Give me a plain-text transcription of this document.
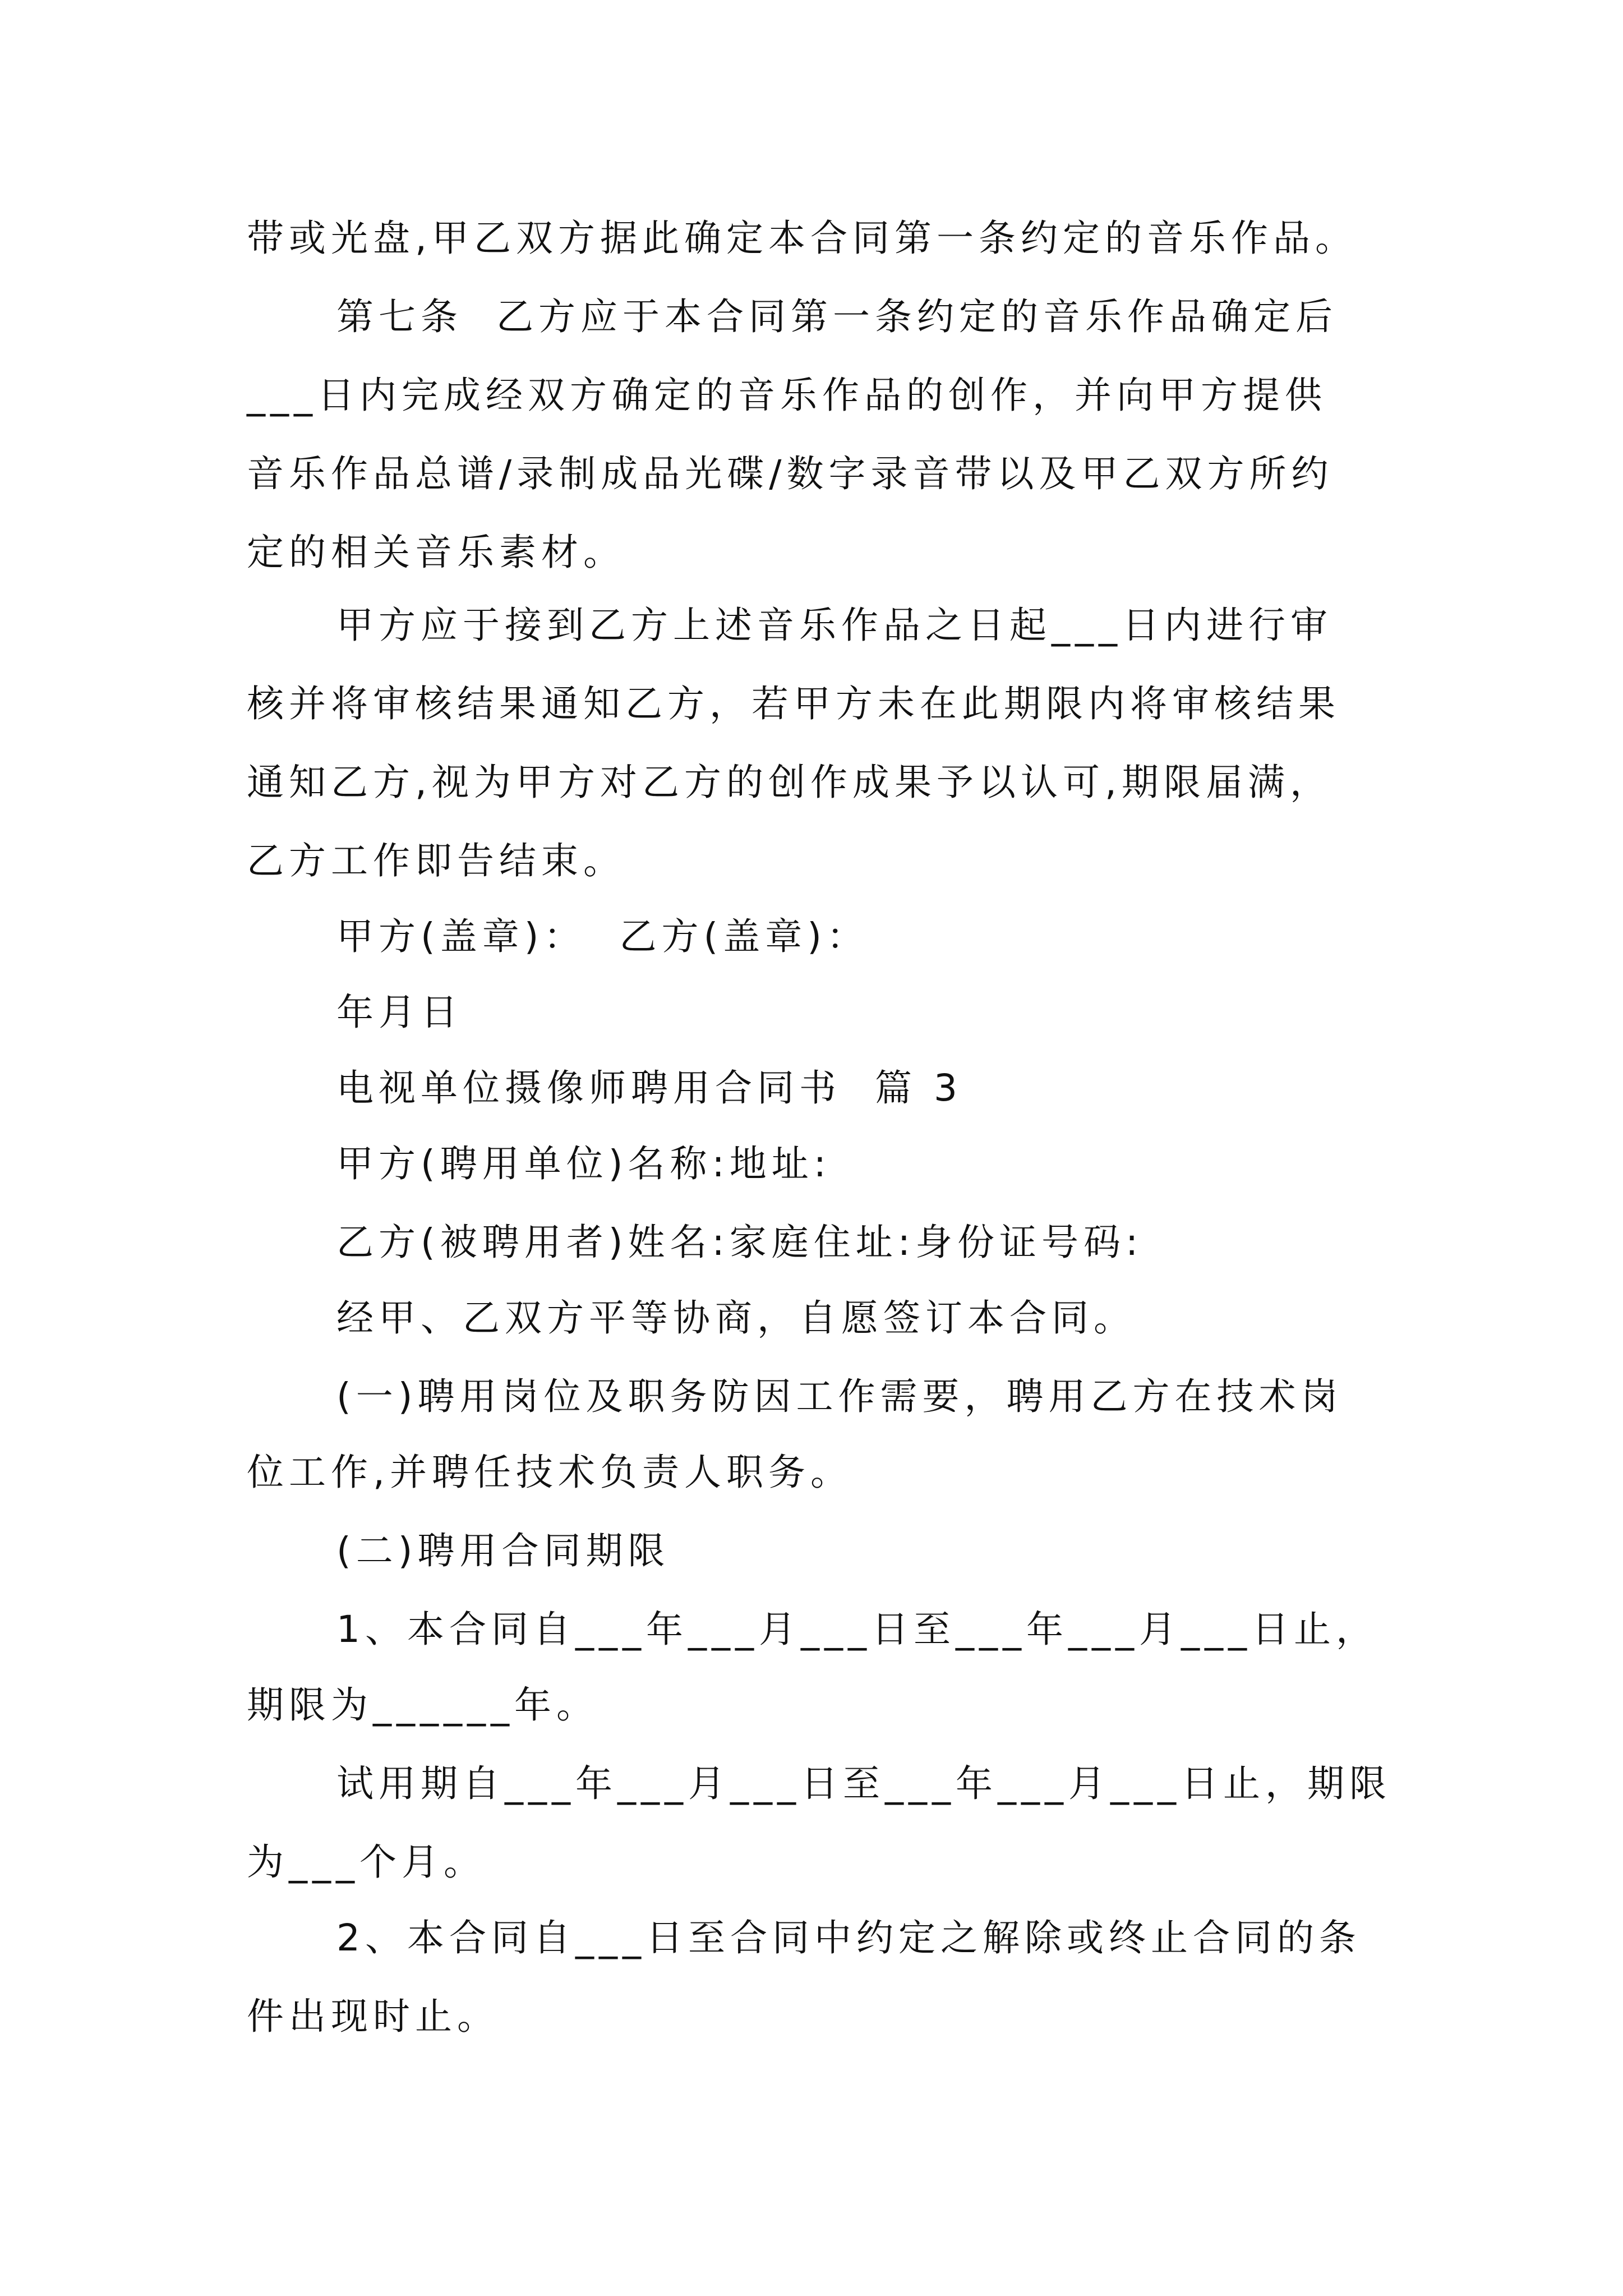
带或光盘,甲乙双方据此确定本合同第一条约定的音乐作品。
第七条  乙方应于本合同第一条约定的音乐作品确定后
___日内完成经双方确定的音乐作品的创作，并向甲方提供
音乐作品总谱/录制成品光碟/数字录音带以及甲乙双方所约
定的相关音乐素材。
甲方应于接到乙方上述音乐作品之日起___日内进行审
核并将审核结果通知乙方，若甲方未在此期限内将审核结果
通知乙方,视为甲方对乙方的创作成果予以认可,期限届满，
乙方工作即告结束。
甲方(盖章)：  乙方(盖章)：
年月日
电视单位摄像师聘用合同书  篇 3
甲方(聘用单位)名称:地址:
乙方(被聘用者)姓名:家庭住址:身份证号码:
经甲、乙双方平等协商，自愿签订本合同。
(一)聘用岗位及职务防因工作需要，聘用乙方在技术岗
位工作,并聘任技术负责人职务。
(二)聘用合同期限
1、本合同自___年___月___日至___年___月___日止，
期限为______年。
试用期自___年___月___日至___年___月___日止，期限
为___个月。
2、本合同自___日至合同中约定之解除或终止合同的条
件出现时止。
